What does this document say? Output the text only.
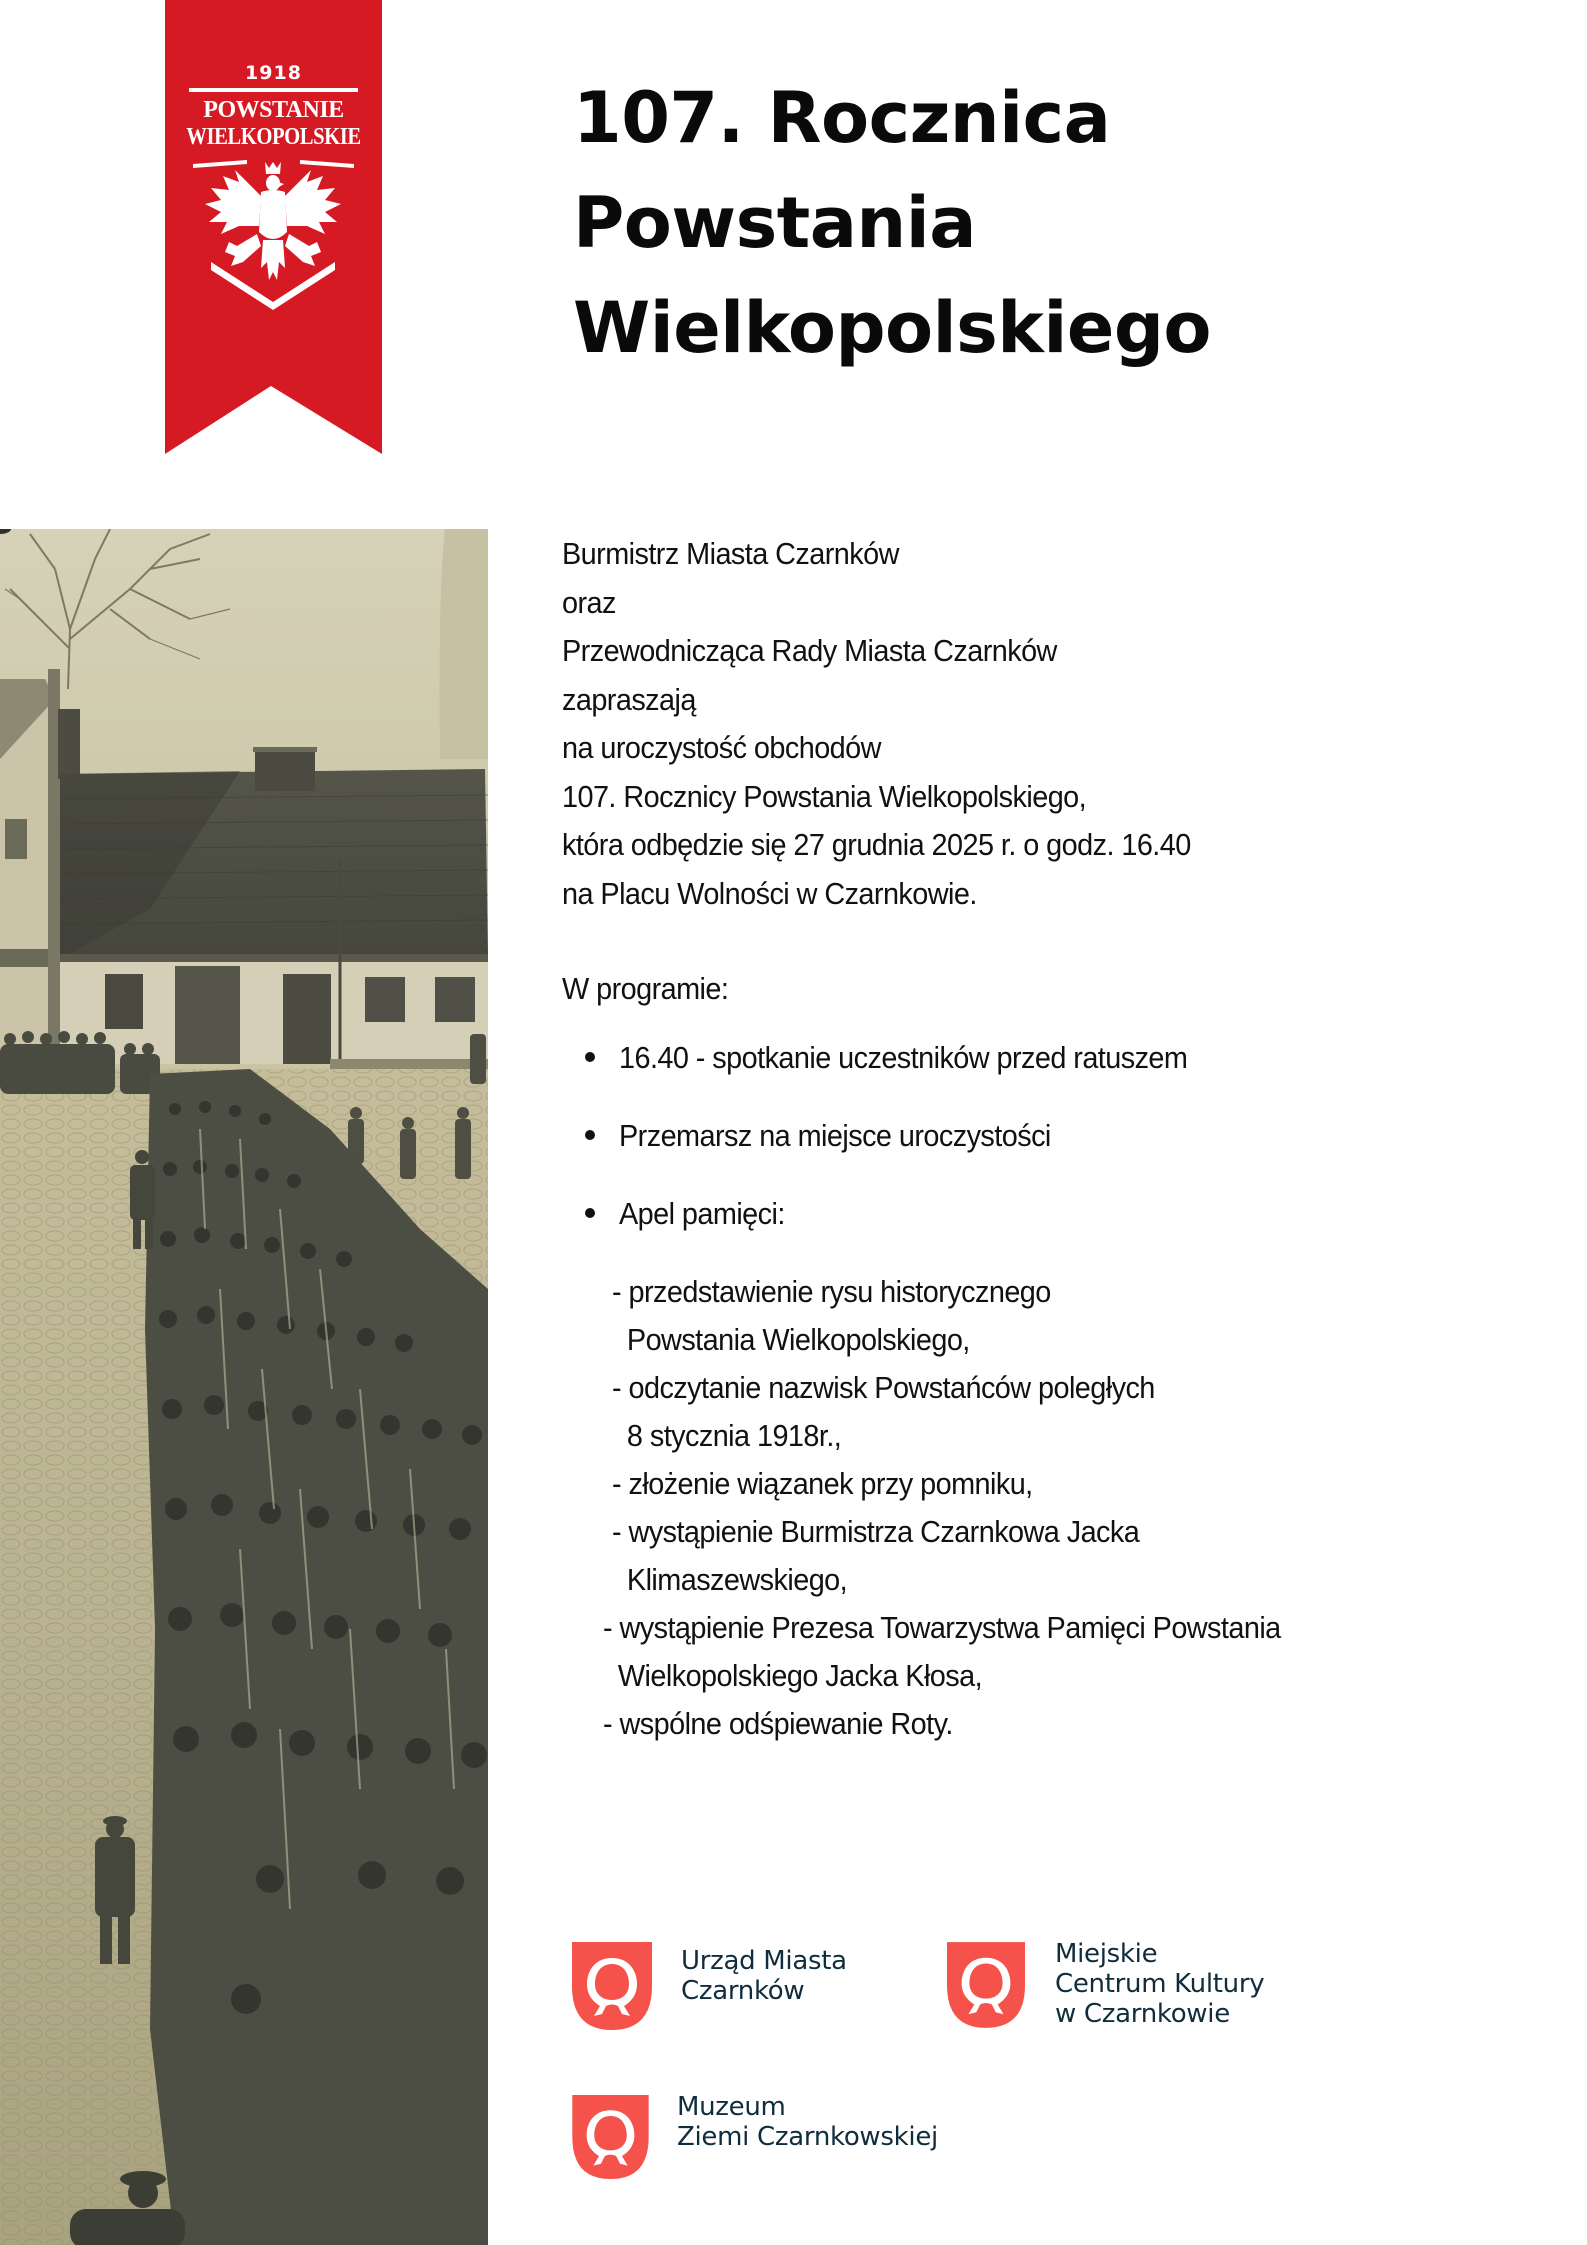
1918
POWSTANIE
WIELKOPOLSKIE	107. Rocznica
Powstania
Wielkopolskiego
Burmistrz Miasta Czarnków
oraz
Przewodnicząca Rady Miasta Czarnków
zapraszają
na uroczystość obchodów
107. Rocznicy Powstania Wielkopolskiego,
która odbędzie się 27 grudnia 2025 r. o godz. 16.40
na Placu Wolności w Czarnkowie.
W programie:
16.40 - spotkanie uczestników przed ratuszem
Przemarsz na miejsce uroczystości
Apel pamięci:
- przedstawienie rysu historycznego
Powstania Wielkopolskiego,
- odczytanie nazwisk Powstańców poległych
8 stycznia 1918r.,
- złożenie wiązanek przy pomniku,
- wystąpienie Burmistrza Czarnkowa Jacka
Klimaszewskiego,
- wystąpienie Prezesa Towarzystwa Pamięci Powstania
Wielkopolskiego Jacka Kłosa,
- wspólne odśpiewanie Roty.
Urząd Miasta
Czarnków
Miejskie
Centrum Kultury
w Czarnkowie
Muzeum
Ziemi Czarnkowskiej
